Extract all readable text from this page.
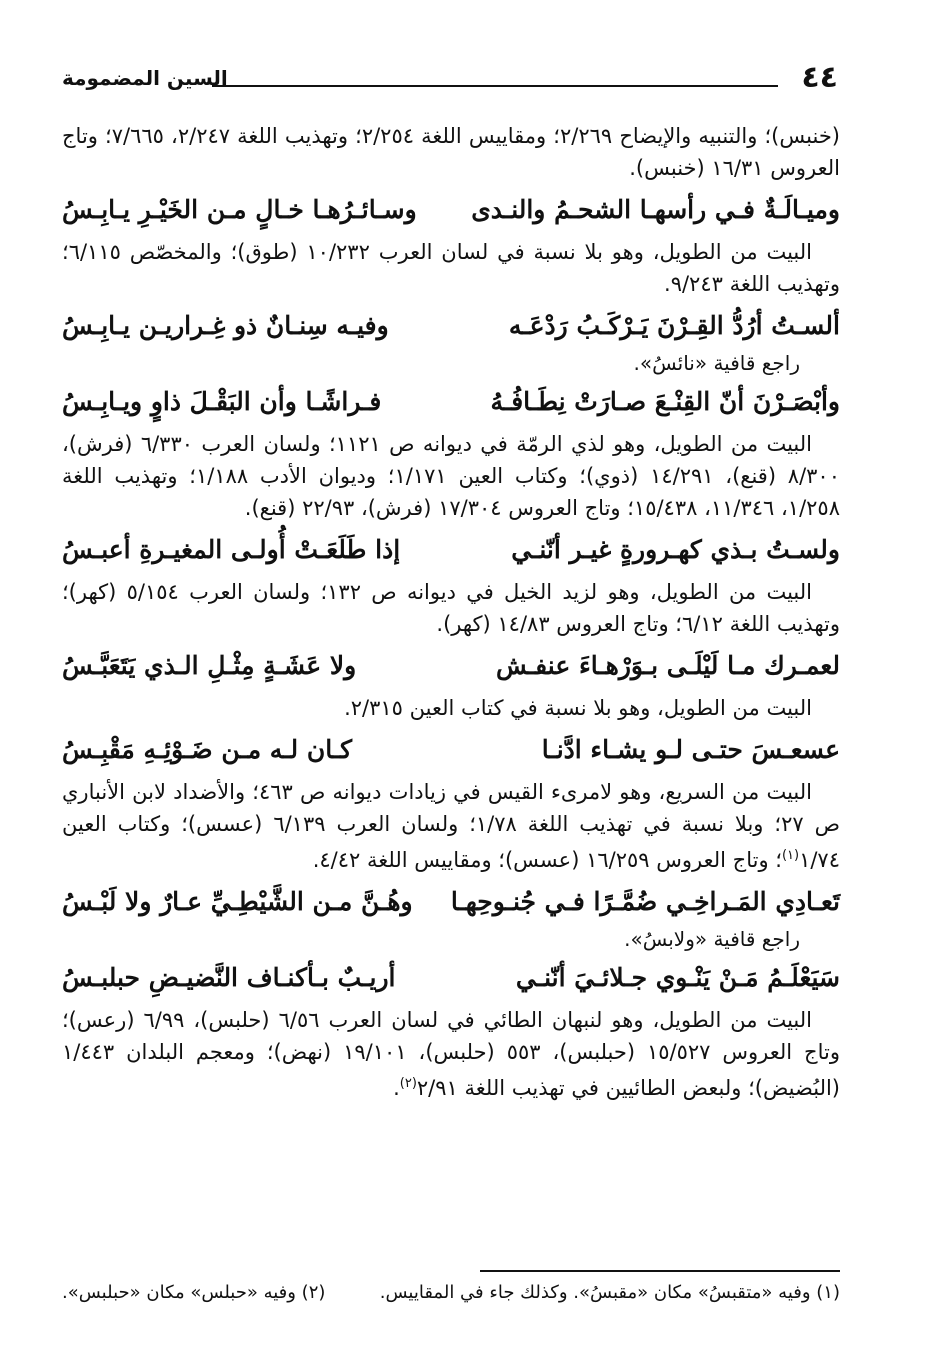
٤٤
السين المضمومة

(خنبس)؛ والتنبيه والإيضاح ٢/٢٦٩؛ ومقاييس اللغة ٢/٢٥٤؛ وتهذيب اللغة ٢/٢٤٧، ٧/٦٦٥؛ وتاج العروس ١٦/٣١ (خنبس).

وميـالَـةٌ فـي رأسهـا الشحـمُ والنـدى
وسـائـرُهـا خـالٍ مـن الخَيْـرِ يـابِـسُ

البيت من الطويل، وهو بلا نسبة في لسان العرب ١٠/٢٣٢ (طوق)؛ والمخصّص ٦/١١٥؛ وتهذيب اللغة ٩/٢٤٣.

ألسـتُ أرُدُّ القِـرْنَ يَـرْكَـبُ رَدْعَـه
وفيـه سِنـانٌ ذو غِـراريـن يـابِـسُ
راجع قافية «نائسُ».
وأبْصَـرْنَ أنّ القِنْـعَ صـارَتْ نِطَـافُـهُ
فـراشًـا وأن البَقْـلَ ذاوٍ ويـابِـسُ

البيت من الطويل، وهو لذي الرمّة في ديوانه ص ١١٢١؛ ولسان العرب ٦/٣٣٠ (فرش)، ٨/٣٠٠ (قنع)، ١٤/٢٩١ (ذوي)؛ وكتاب العين ١/١٧١؛ وديوان الأدب ١/١٨٨؛ وتهذيب اللغة ١/٢٥٨، ١١/٣٤٦، ١٥/٤٣٨؛ وتاج العروس ١٧/٣٠٤ (فرش)، ٢٢/٩٣ (قنع).

ولسـتُ بـذي كهـرورةٍ غيـر أنّنـي
إذا طَلَعَـتْ أُولـى المغيـرةِ أعبـسُ

البيت من الطويل، وهو لزيد الخيل في ديوانه ص ١٣٢؛ ولسان العرب ٥/١٥٤ (كهر)؛ وتهذيب اللغة ٦/١٢؛ وتاج العروس ١٤/٨٣ (كهر).

لعمـرك مـا لَيْلَـى بـوَرْهـاءَ عنفـش
ولا عَشَـةٍ مِثْـلِ الـذي يَتَعَبَّـسُ

البيت من الطويل، وهو بلا نسبة في كتاب العين ٢/٣١٥.

عسعـسَ حتـى لـو يشـاء ادَّنـا
كـان لـه مـن ضَـوْئِـهِ مَقْبِـسُ

البيت من السريع، وهو لامرىء القيس في زيادات ديوانه ص ٤٦٣؛ والأضداد لابن الأنباري ص ٢٧؛ وبلا نسبة في تهذيب اللغة ١/٧٨؛ ولسان العرب ٦/١٣٩ (عسس)؛ وكتاب العين ١/٧٤$^{(١)}$؛ وتاج العروس ١٦/٢٥٩ (عسس)؛ ومقاييس اللغة ٤/٤٢.

تَعـادِي المَـراخِـي ضُمَّـرًا فـي جُنـوحِهـا
وهُـنَّ مـن الشَّيْطِـيِّ عـارٌ ولا لَبْـسُ
راجع قافية «ولابسُ».
سَيَعْلَـمُ مَـنْ يَنْـوي جـلائـيَ أنّنـي
أريـبٌ بـأكنـاف النَّضيـضِ حبلبـسُ

البيت من الطويل، وهو لنبهان الطائي في لسان العرب ٦/٥٦ (حلبس)، ٦/٩٩ (رعس)؛ وتاج العروس ١٥/٥٢٧ (حبلبس)، ٥٥٣ (حلبس)، ١٩/١٠١ (نهض)؛ ومعجم البلدان ١/٤٤٣ (البُضيض)؛ ولبعض الطائيين في تهذيب اللغة ٢/٩١$^{(٢)}$.

(١) وفيه «متقبسُ» مكان «مقبسُ». وكذلك جاء في المقاييس.
(٢) وفيه «حبلس» مكان «حبلبس».
